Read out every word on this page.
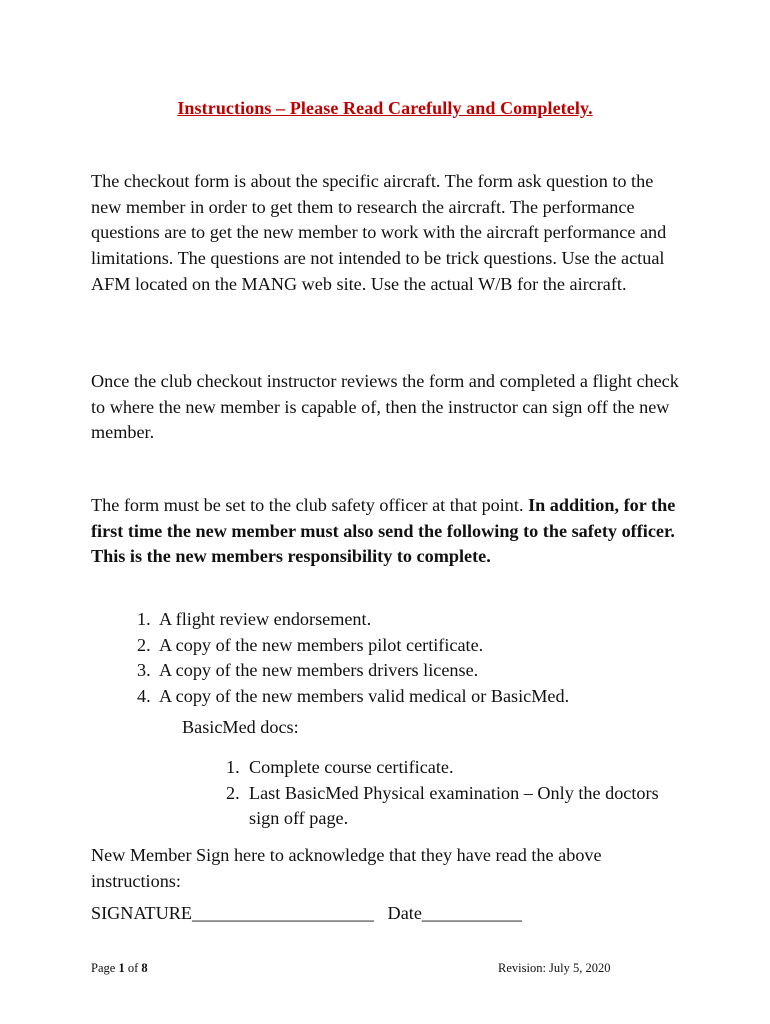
Instructions – Please Read Carefully and Completely.

The checkout form is about the specific aircraft. The form ask question to the new member in order to get them to research the aircraft. The performance questions are to get the new member to work with the aircraft performance and limitations. The questions are not intended to be trick questions. Use the actual AFM located on the MANG web site. Use the actual W/B for the aircraft.

Once the club checkout instructor reviews the form and completed a flight check to where the new member is capable of, then the instructor can sign off the new member.

The form must be set to the club safety officer at that point. In addition, for the first time the new member must also send the following to the safety officer. This is the new members responsibility to complete.

1. A flight review endorsement.
2. A copy of the new members pilot certificate.
3. A copy of the new members drivers license.
4. A copy of the new members valid medical or BasicMed.
BasicMed docs:
1. Complete course certificate.
2. Last BasicMed Physical examination – Only the doctors sign off page.

New Member Sign here to acknowledge that they have read the above instructions:

SIGNATURE____________________   Date___________
Page 1 of 8	Revision: July 5, 2020
